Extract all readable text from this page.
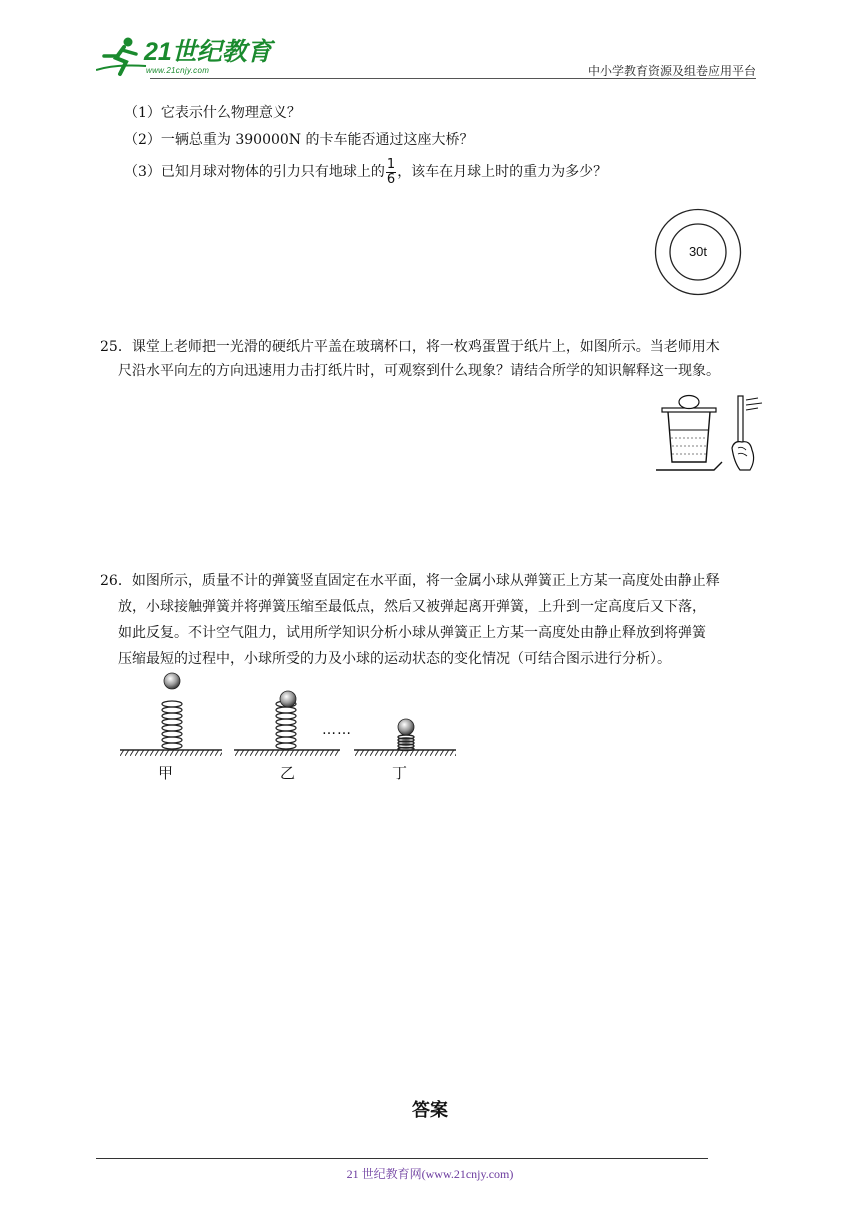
21世纪教育
www.21cnjy.com	中小学教育资源及组卷应用平台
（1）它表示什么物理意义？
（2）一辆总重为 390000N 的卡车能否通过这座大桥？
（3）已知月球对物体的引力只有地球上的 $\frac{1}{6}$ ，该车在月球上时的重力为多少？
30t
25．课堂上老师把一光滑的硬纸片平盖在玻璃杯口，将一枚鸡蛋置于纸片上，如图所示。当老师用木
尺沿水平向左的方向迅速用力击打纸片时，可观察到什么现象？请结合所学的知识解释这一现象。
26．如图所示，质量不计的弹簧竖直固定在水平面，将一金属小球从弹簧正上方某一高度处由静止释
放，小球接触弹簧并将弹簧压缩至最低点，然后又被弹起离开弹簧，上升到一定高度后又下落，
如此反复。不计空气阻力，试用所学知识分析小球从弹簧正上方某一高度处由静止释放到将弹簧
压缩最短的过程中，小球所受的力及小球的运动状态的变化情况（可结合图示进行分析）。
……
甲	乙	丁
答案
21 世纪教育网(www.21cnjy.com)
